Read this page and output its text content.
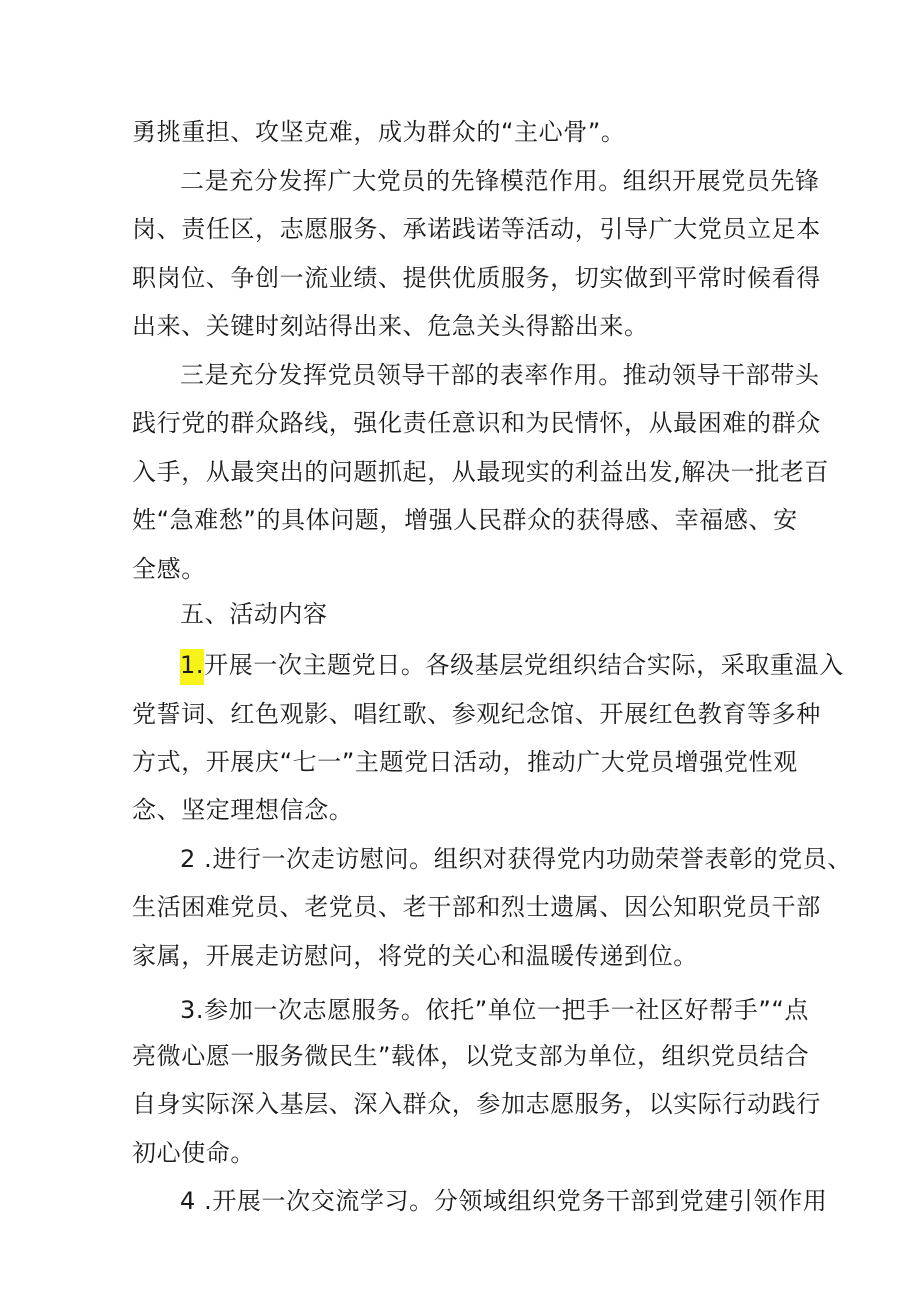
勇挑重担、攻坚克难，成为群众的“主心骨”。
二是充分发挥广大党员的先锋模范作用。组织开展党员先锋
岗、责任区，志愿服务、承诺践诺等活动，引导广大党员立足本
职岗位、争创一流业绩、提供优质服务，切实做到平常时候看得
出来、关键时刻站得出来、危急关头得豁出来。
三是充分发挥党员领导干部的表率作用。推动领导干部带头
践行党的群众路线，强化责任意识和为民情怀，从最困难的群众
入手，从最突出的问题抓起，从最现实的利益出发,解决一批老百
姓“急难愁”的具体问题，增强人民群众的获得感、幸福感、安
全感。
五、活动内容
1.开展一次主题党日。各级基层党组织结合实际，采取重温入
党誓词、红色观影、唱红歌、参观纪念馆、开展红色教育等多种
方式，开展庆“七一”主题党日活动，推动广大党员增强党性观
念、坚定理想信念。
2 .进行一次走访慰问。组织对获得党内功勋荣誉表彰的党员、
生活困难党员、老党员、老干部和烈士遗属、因公知职党员干部
家属，开展走访慰问，将党的关心和温暖传递到位。
3.参加一次志愿服务。依托”单位一把手一社区好帮手”“点
亮微心愿一服务微民生”载体，以党支部为单位，组织党员结合
自身实际深入基层、深入群众，参加志愿服务，以实际行动践行
初心使命。
4 .开展一次交流学习。分领域组织党务干部到党建引领作用
